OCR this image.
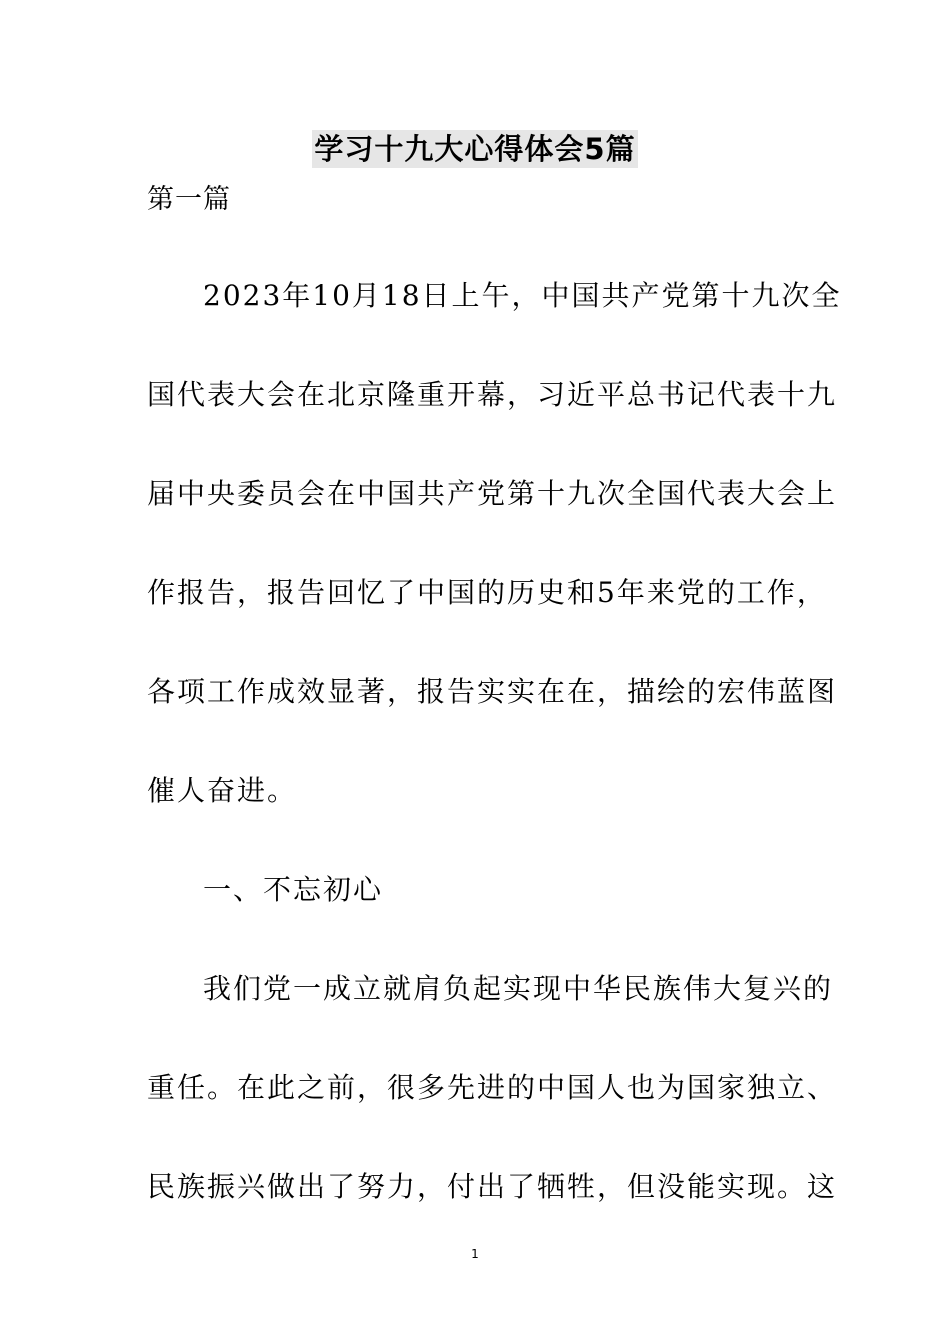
学习十九大心得体会5篇
第一篇

2023年10月18日上午，中国共产党第十九次全
国代表大会在北京隆重开幕，习近平总书记代表十九
届中央委员会在中国共产党第十九次全国代表大会上
作报告，报告回忆了中国的历史和5年来党的工作，
各项工作成效显著，报告实实在在，描绘的宏伟蓝图
催人奋进。

一、不忘初心

我们党一成立就肩负起实现中华民族伟大复兴的
重任。在此之前，很多先进的中国人也为国家独立、
民族振兴做出了努力，付出了牺牲，但没能实现。这

1
